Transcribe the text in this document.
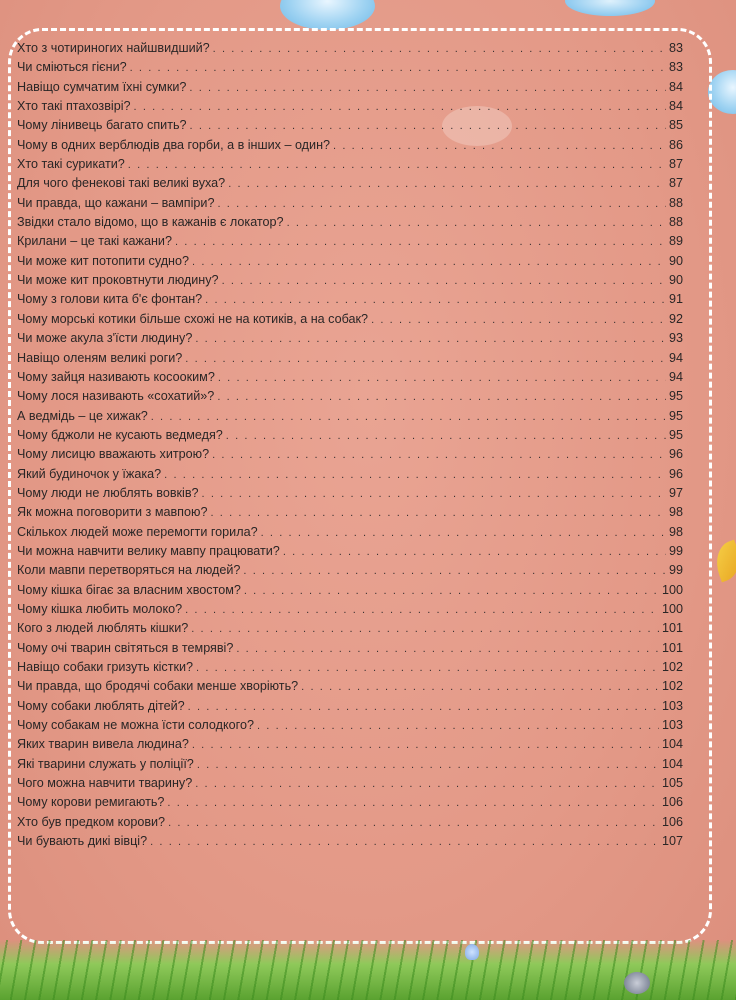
Хто з чотириногих найшвидший? . . .	83
Чи сміються гієни? . . .	83
Навіщо сумчатим їхні сумки? . . .	84
Хто такі птахозвірі? . . .	84
Чому лінивець багато спить? . . .	85
Чому в одних верблюдів два горби, а в інших – один? . . .	86
Хто такі сурикати? . . .	87
Для чого фенекові такі великі вуха? . . .	87
Чи правда, що кажани – вампіри? . . .	88
Звідки стало відомо, що в кажанів є локатор? . . .	88
Крилани – це такі кажани? . . .	89
Чи може кит потопити судно? . . .	90
Чи може кит проковтнути людину? . . .	90
Чому з голови кита б'є фонтан? . . .	91
Чому морські котики більше схожі не на котиків, а на собак? . . .	92
Чи може акула з'їсти людину? . . .	93
Навіщо оленям великі роги? . . .	94
Чому зайця називають косооким? . . .	94
Чому лося називають «сохатий»? . . .	95
А ведмідь – це хижак? . . .	95
Чому бджоли не кусають ведмедя? . . .	95
Чому лисицю вважають хитрою? . . .	96
Який будиночок у їжака? . . .	96
Чому люди не люблять вовків? . . .	97
Як можна поговорити з мавпою? . . .	98
Скількох людей може перемогти горила? . . .	98
Чи можна навчити велику мавпу працювати? . . .	99
Коли мавпи перетворяться на людей? . . .	99
Чому кішка бігає за власним хвостом? . . .	100
Чому кішка любить молоко? . . .	100
Кого з людей люблять кішки? . . .	101
Чому очі тварин світяться в темряві? . . .	101
Навіщо собаки гризуть кістки? . . .	102
Чи правда, що бродячі собаки менше хворіють? . . .	102
Чому собаки люблять дітей? . . .	103
Чому собакам не можна їсти солодкого? . . .	103
Яких тварин вивела людина? . . .	104
Які тварини служать у поліції? . . .	104
Чого можна навчити тварину? . . .	105
Чому корови ремигають? . . .	106
Хто був предком корови? . . .	106
Чи бувають дикі вівці? . . .	107
